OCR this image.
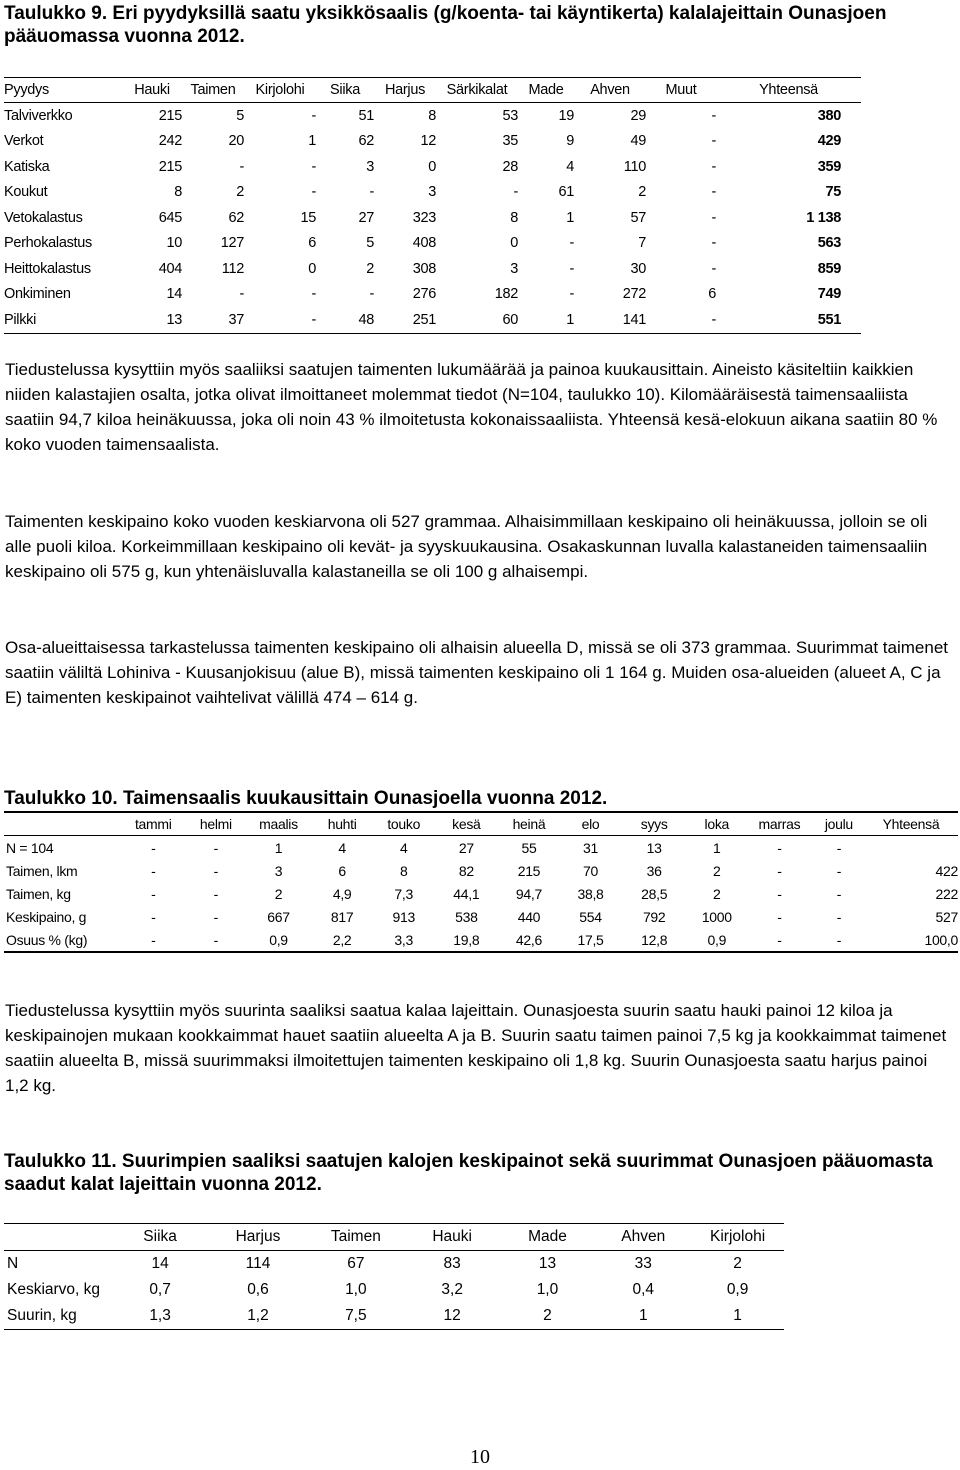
Taulukko 9. Eri pyydyksillä saatu yksikkösaalis (g/koenta- tai käyntikerta) kalalajeittain Ounasjoen pääuomassa vuonna 2012.
Pyydys	Hauki	Taimen	Kirjolohi	Siika	Harjus	Särkikalat	Made	Ahven	Muut	Yhteensä
Talviverkko	215	5	-	51	8	53	19	29	-	380
Verkot	242	20	1	62	12	35	9	49	-	429
Katiska	215	-	-	3	0	28	4	110	-	359
Koukut	8	2	-	-	3	-	61	2	-	75
Vetokalastus	645	62	15	27	323	8	1	57	-	1 138
Perhokalastus	10	127	6	5	408	0	-	7	-	563
Heittokalastus	404	112	0	2	308	3	-	30	-	859
Onkiminen	14	-	-	-	276	182	-	272	6	749
Pilkki	13	37	-	48	251	60	1	141	-	551

Tiedustelussa kysyttiin myös saaliiksi saatujen taimenten lukumäärää ja painoa kuukausittain. Aineisto käsiteltiin kaikkien niiden kalastajien osalta, jotka olivat ilmoittaneet molemmat tiedot (N=104, taulukko 10). Kilomääräisestä taimensaaliista saatiin 94,7 kiloa heinäkuussa, joka oli noin 43 % ilmoitetusta kokonaissaaliista. Yhteensä kesä-elokuun aikana saatiin 80 % koko vuoden taimensaalista.

Taimenten keskipaino koko vuoden keskiarvona oli 527 grammaa. Alhaisimmillaan keskipaino oli heinäkuussa, jolloin se oli alle puoli kiloa. Korkeimmillaan keskipaino oli kevät- ja syyskuukausina. Osakaskunnan luvalla kalastaneiden taimensaaliin keskipaino oli 575 g, kun yhtenäisluvalla kalastaneilla se oli 100 g alhaisempi.

Osa-alueittaisessa tarkastelussa taimenten keskipaino oli alhaisin alueella D, missä se oli 373 grammaa. Suurimmat taimenet saatiin väliltä Lohiniva - Kuusanjokisuu (alue B), missä taimenten keskipaino oli 1 164 g. Muiden osa-alueiden (alueet A, C ja E) taimenten keskipainot vaihtelivat välillä 474 – 614 g.

Taulukko 10. Taimensaalis kuukausittain Ounasjoella vuonna 2012.
	tammi	helmi	maalis	huhti	touko	kesä	heinä	elo	syys	loka	marras	joulu	Yhteensä
N = 104	-	-	1	4	4	27	55	31	13	1	-	-	
Taimen, lkm	-	-	3	6	8	82	215	70	36	2	-	-	422
Taimen, kg	-	-	2	4,9	7,3	44,1	94,7	38,8	28,5	2	-	-	222
Keskipaino, g	-	-	667	817	913	538	440	554	792	1000	-	-	527
Osuus % (kg)	-	-	0,9	2,2	3,3	19,8	42,6	17,5	12,8	0,9	-	-	100,0

Tiedustelussa kysyttiin myös suurinta saaliksi saatua kalaa lajeittain. Ounasjoesta suurin saatu hauki painoi 12 kiloa ja keskipainojen mukaan kookkaimmat hauet saatiin alueelta A ja B. Suurin saatu taimen painoi 7,5 kg ja kookkaimmat taimenet saatiin alueelta B, missä suurimmaksi ilmoitettujen taimenten keskipaino oli 1,8 kg. Suurin Ounasjoesta saatu harjus painoi 1,2 kg.

Taulukko 11. Suurimpien saaliksi saatujen kalojen keskipainot sekä suurimmat Ounasjoen pääuomasta saadut kalat lajeittain vuonna 2012.
	Siika	Harjus	Taimen	Hauki	Made	Ahven	Kirjolohi
N	14	114	67	83	13	33	2
Keskiarvo, kg	0,7	0,6	1,0	3,2	1,0	0,4	0,9
Suurin, kg	1,3	1,2	7,5	12	2	1	1
10
